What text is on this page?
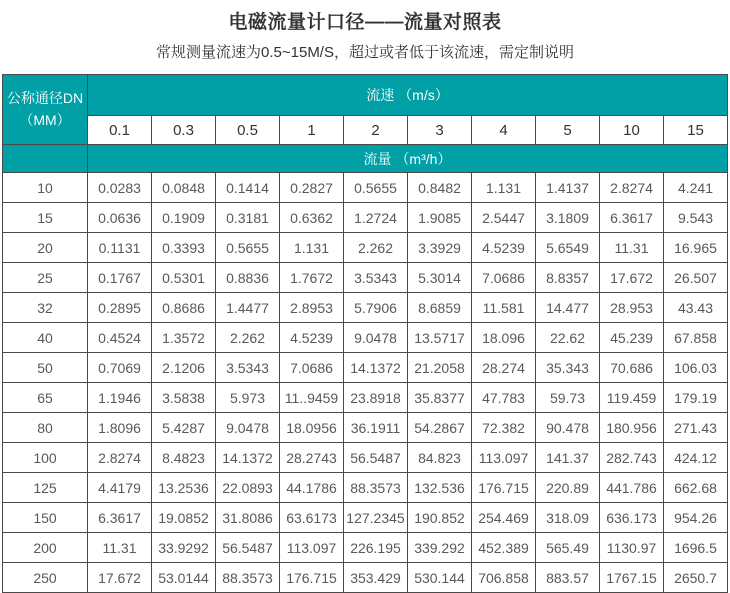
电磁流量计口径——流量对照表

常规测量流速为0.5~15M/S，超过或者低于该流速，需定制说明

公称通径DN
（MM）	流速 （m/s）									
	0.1	0.3	0.5	1	2	3	4	5	10	15
	流量 （m³/h）									
10	0.0283	0.0848	0.1414	0.2827	0.5655	0.8482	1.131	1.4137	2.8274	4.241
15	0.0636	0.1909	0.3181	0.6362	1.2724	1.9085	2.5447	3.1809	6.3617	9.543
20	0.1131	0.3393	0.5655	1.131	2.262	3.3929	4.5239	5.6549	11.31	16.965
25	0.1767	0.5301	0.8836	1.7672	3.5343	5.3014	7.0686	8.8357	17.672	26.507
32	0.2895	0.8686	1.4477	2.8953	5.7906	8.6859	11.581	14.477	28.953	43.43
40	0.4524	1.3572	2.262	4.5239	9.0478	13.5717	18.096	22.62	45.239	67.858
50	0.7069	2.1206	3.5343	7.0686	14.1372	21.2058	28.274	35.343	70.686	106.03
65	1.1946	3.5838	5.973	11..9459	23.8918	35.8377	47.783	59.73	119.459	179.19
80	1.8096	5.4287	9.0478	18.0956	36.1911	54.2867	72.382	90.478	180.956	271.43
100	2.8274	8.4823	14.1372	28.2743	56.5487	84.823	113.097	141.37	282.743	424.12
125	4.4179	13.2536	22.0893	44.1786	88.3573	132.536	176.715	220.89	441.786	662.68
150	6.3617	19.0852	31.8086	63.6173	127.2345	190.852	254.469	318.09	636.173	954.26
200	11.31	33.9292	56.5487	113.097	226.195	339.292	452.389	565.49	1130.97	1696.5
250	17.672	53.0144	88.3573	176.715	353.429	530.144	706.858	883.57	1767.15	2650.7
